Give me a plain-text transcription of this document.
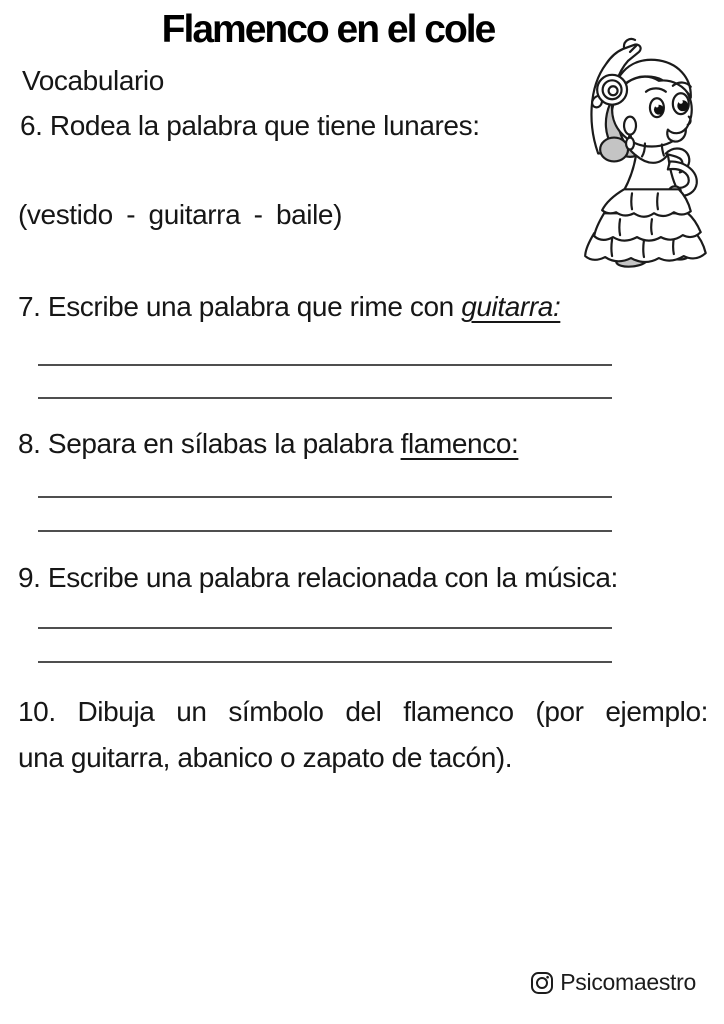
Flamenco en el cole
Vocabulario
6. Rodea la palabra que tiene lunares:
(vestido - guitarra - baile)
7. Escribe una palabra que rime con guitarra:
8. Separa en sílabas la palabra flamenco:
9. Escribe una palabra relacionada con la música:
10. Dibuja un símbolo del flamenco (por ejemplo:
una guitarra, abanico o zapato de tacón).
Psicomaestro
